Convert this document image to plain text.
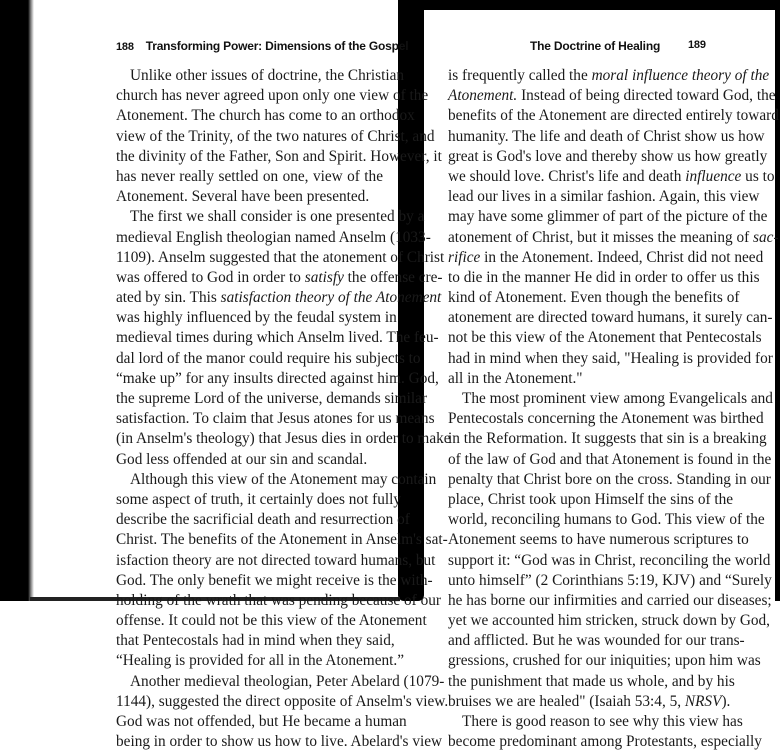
188 Transforming Power: Dimensions of the Gospel
Unlike other issues of doctrine, the Christian
church has never agreed upon only one view of the
Atonement. The church has come to an orthodox
view of the Trinity, of the two natures of Christ, and
the divinity of the Father, Son and Spirit. However, it
has never really settled on one, view of the
Atonement. Several have been presented.
The first we shall consider is one presented by a
medieval English theologian named Anselm (1033-
1109). Anselm suggested that the atonement of Christ
was offered to God in order to satisfy the offense cre-
ated by sin. This satisfaction theory of the Atonement
was highly influenced by the feudal system in
medieval times during which Anselm lived. The feu-
dal lord of the manor could require his subjects to
“make up” for any insults directed against him. God,
the supreme Lord of the universe, demands similar
satisfaction. To claim that Jesus atones for us means
(in Anselm's theology) that Jesus dies in order to make
God less offended at our sin and scandal.
Although this view of the Atonement may contain
some aspect of truth, it certainly does not fully
describe the sacrificial death and resurrection of
Christ. The benefits of the Atonement in Anselm's sat-
isfaction theory are not directed toward humans, but
God. The only benefit we might receive is the with-
holding of the wrath that was pending because of our
offense. It could not be this view of the Atonement
that Pentecostals had in mind when they said,
“Healing is provided for all in the Atonement.”
Another medieval theologian, Peter Abelard (1079-
1144), suggested the direct opposite of Anselm's view.
God was not offended, but He became a human
being in order to show us how to live. Abelard's view
The Doctrine of Healing	189
is frequently called the moral influence theory of the
Atonement. Instead of being directed toward God, the
benefits of the Atonement are directed entirely toward
humanity. The life and death of Christ show us how
great is God's love and thereby show us how greatly
we should love. Christ's life and death influence us to
lead our lives in a similar fashion. Again, this view
may have some glimmer of part of the picture of the
atonement of Christ, but it misses the meaning of sac-
rifice in the Atonement. Indeed, Christ did not need
to die in the manner He did in order to offer us this
kind of Atonement. Even though the benefits of
atonement are directed toward humans, it surely can-
not be this view of the Atonement that Pentecostals
had in mind when they said, "Healing is provided for
all in the Atonement."
The most prominent view among Evangelicals and
Pentecostals concerning the Atonement was birthed
in the Reformation. It suggests that sin is a breaking
of the law of God and that Atonement is found in the
penalty that Christ bore on the cross. Standing in our
place, Christ took upon Himself the sins of the
world, reconciling humans to God. This view of the
Atonement seems to have numerous scriptures to
support it: “God was in Christ, reconciling the world
unto himself” (2 Corinthians 5:19, KJV) and “Surely
he has borne our infirmities and carried our diseases;
yet we accounted him stricken, struck down by God,
and afflicted. But he was wounded for our trans-
gressions, crushed for our iniquities; upon him was
the punishment that made us whole, and by his
bruises we are healed" (Isaiah 53:4, 5, NRSV).
There is good reason to see why this view has
become predominant among Protestants, especially
